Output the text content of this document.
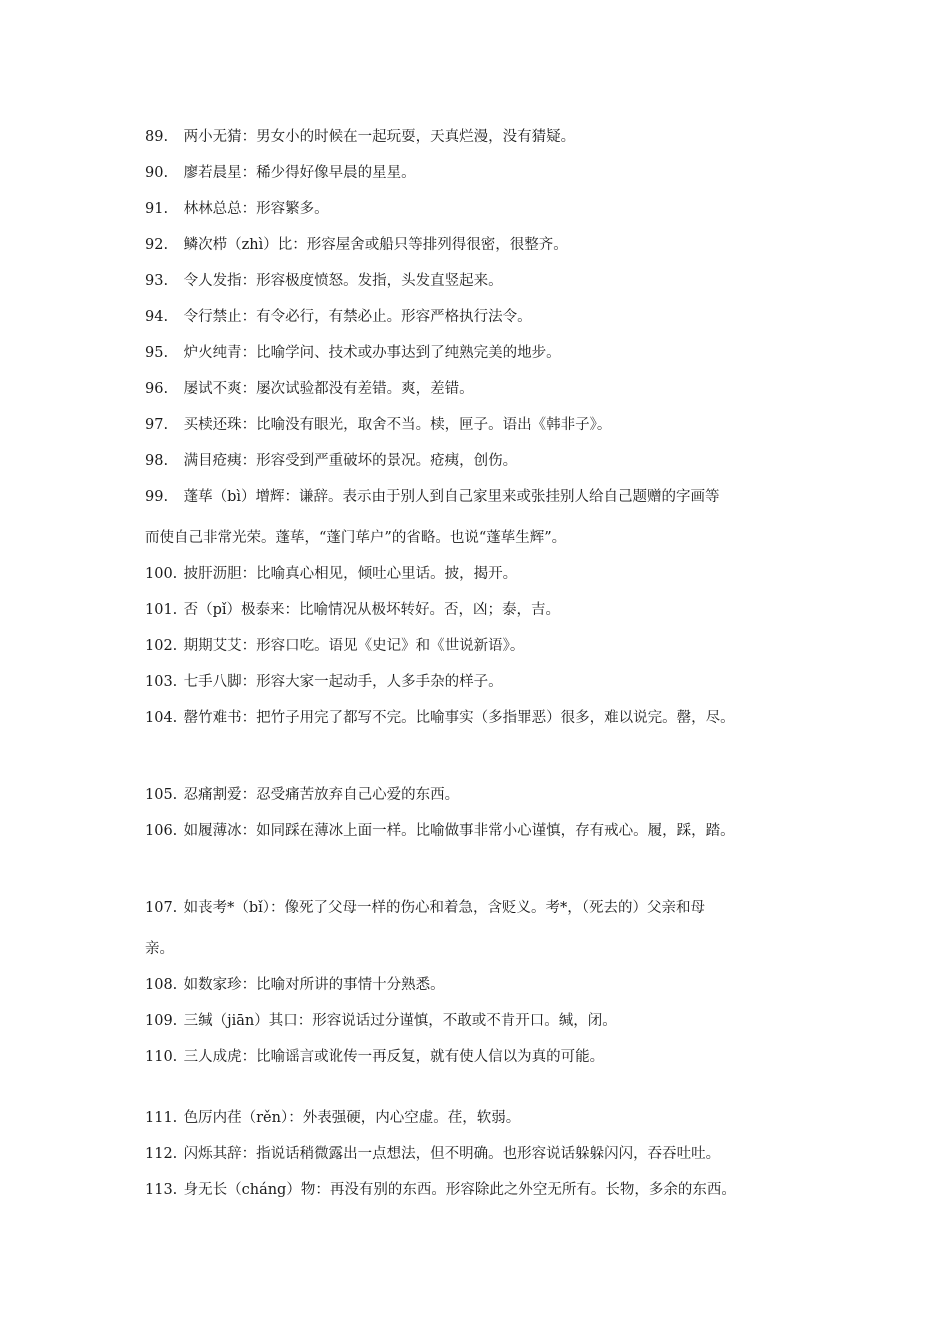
89. 两小无猜：男女小的时候在一起玩耍，天真烂漫，没有猜疑。
90. 廖若晨星：稀少得好像早晨的星星。
91. 林林总总：形容繁多。
92. 鳞次栉（zhì）比：形容屋舍或船只等排列得很密，很整齐。
93. 令人发指：形容极度愤怒。发指，头发直竖起来。
94. 令行禁止：有令必行，有禁必止。形容严格执行法令。
95. 炉火纯青：比喻学问、技术或办事达到了纯熟完美的地步。
96. 屡试不爽：屡次试验都没有差错。爽，差错。
97. 买椟还珠：比喻没有眼光，取舍不当。椟，匣子。语出《韩非子》。
98. 满目疮痍：形容受到严重破坏的景况。疮痍，创伤。
99. 蓬荜（bì）增辉：谦辞。表示由于别人到自己家里来或张挂别人给自己题赠的字画等
而使自己非常光荣。蓬荜，“蓬门荜户”的省略。也说“蓬荜生辉”。
100. 披肝沥胆：比喻真心相见，倾吐心里话。披，揭开。
101. 否（pǐ）极泰来：比喻情况从极坏转好。否，凶；泰，吉。
102. 期期艾艾：形容口吃。语见《史记》和《世说新语》。
103. 七手八脚：形容大家一起动手，人多手杂的样子。
104. 罄竹难书：把竹子用完了都写不完。比喻事实（多指罪恶）很多，难以说完。罄，尽。
105. 忍痛割爱：忍受痛苦放弃自己心爱的东西。
106. 如履薄冰：如同踩在薄冰上面一样。比喻做事非常小心谨慎，存有戒心。履，踩，踏。
107. 如丧考*（bǐ）：像死了父母一样的伤心和着急，含贬义。考*，（死去的）父亲和母
亲。
108. 如数家珍：比喻对所讲的事情十分熟悉。
109. 三缄（jiān）其口：形容说话过分谨慎，不敢或不肯开口。缄，闭。
110. 三人成虎：比喻谣言或讹传一再反复，就有使人信以为真的可能。
111. 色厉内荏（rěn）：外表强硬，内心空虚。荏，软弱。
112. 闪烁其辞：指说话稍微露出一点想法，但不明确。也形容说话躲躲闪闪，吞吞吐吐。
113. 身无长（cháng）物：再没有别的东西。形容除此之外空无所有。长物，多余的东西。
